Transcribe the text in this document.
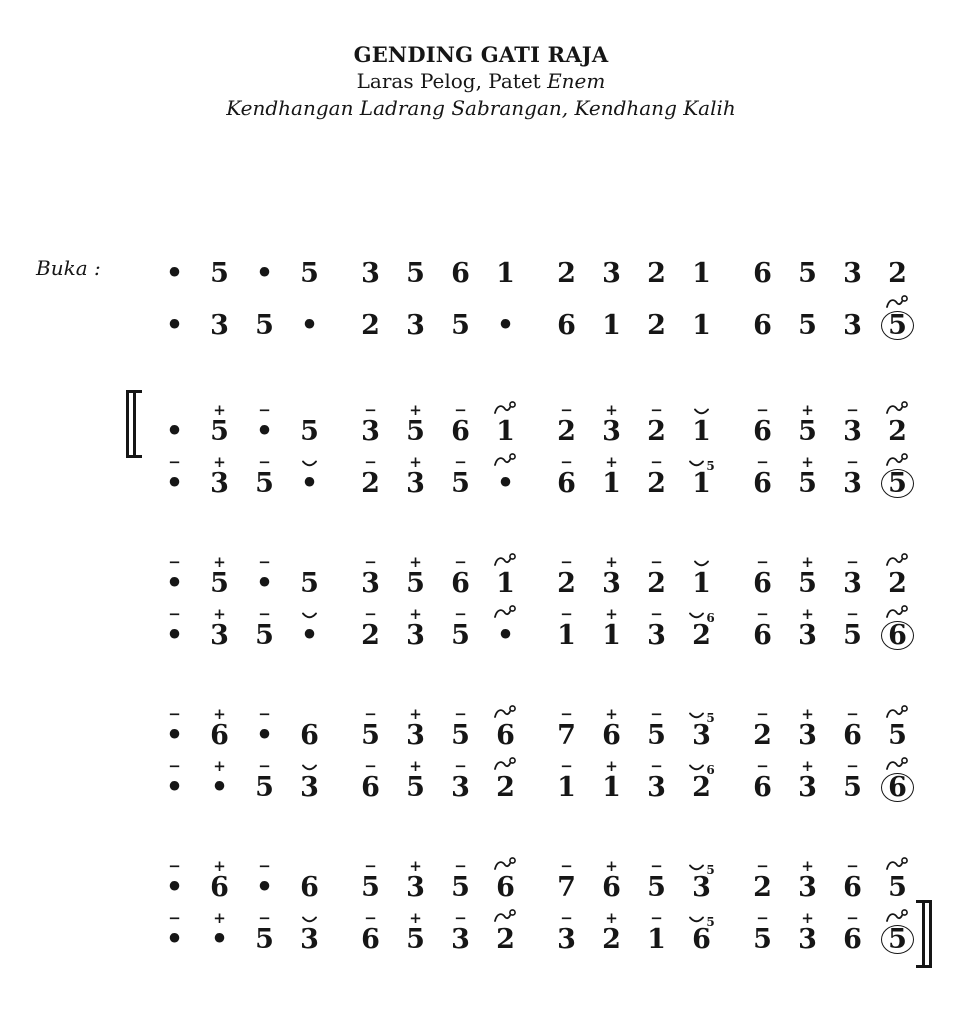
GENDING GATI RAJA
Laras Pelog, Patet Enem
Kendhangan Ladrang Sabrangan, Kendhang Kalih
Buka : • 5 • 5 3 5 6 1 2 3 2 1 6 5 3 2
• 3 5 • 2 3 5 • 6 1 2 1 6 5 3 5
•
+
5
−
• 5
−
3
+
5
−
6 1
−
2
+
3
−
2 1
−
6
+
5
−
3 2
−
•
+
3
−
5 •
−
2
+
3
−
5 •
−
6
+
1
−
2
5
1
−
6
+
5
−
3 5
−
•
+
5
−
• 5
−
3
+
5
−
6 1
−
2
+
3
−
2 1
−
6
+
5
−
3 2
−
•
+
3
−
5 •
−
2
+
3
−
5 •
−
1
+
1
−
3
6
2
−
6
+
3
−
5 6
−
•
+
6
−
• 6
−
5
+
3
−
5 6
−
7
+
6
−
5
5
3
−
2
+
3
−
6 5
−
•
+
•
−
5 3
−
6
+
5
−
3 2
−
1
+
1
−
3
6
2
−
6
+
3
−
5 6
−
•
+
6
−
• 6
−
5
+
3
−
5 6
−
7
+
6
−
5
5
3
−
2
+
3
−
6 5
−
•
+
•
−
5 3
−
6
+
5
−
3 2
−
3
+
2
−
1
5
6
−
5
+
3
−
6 5
